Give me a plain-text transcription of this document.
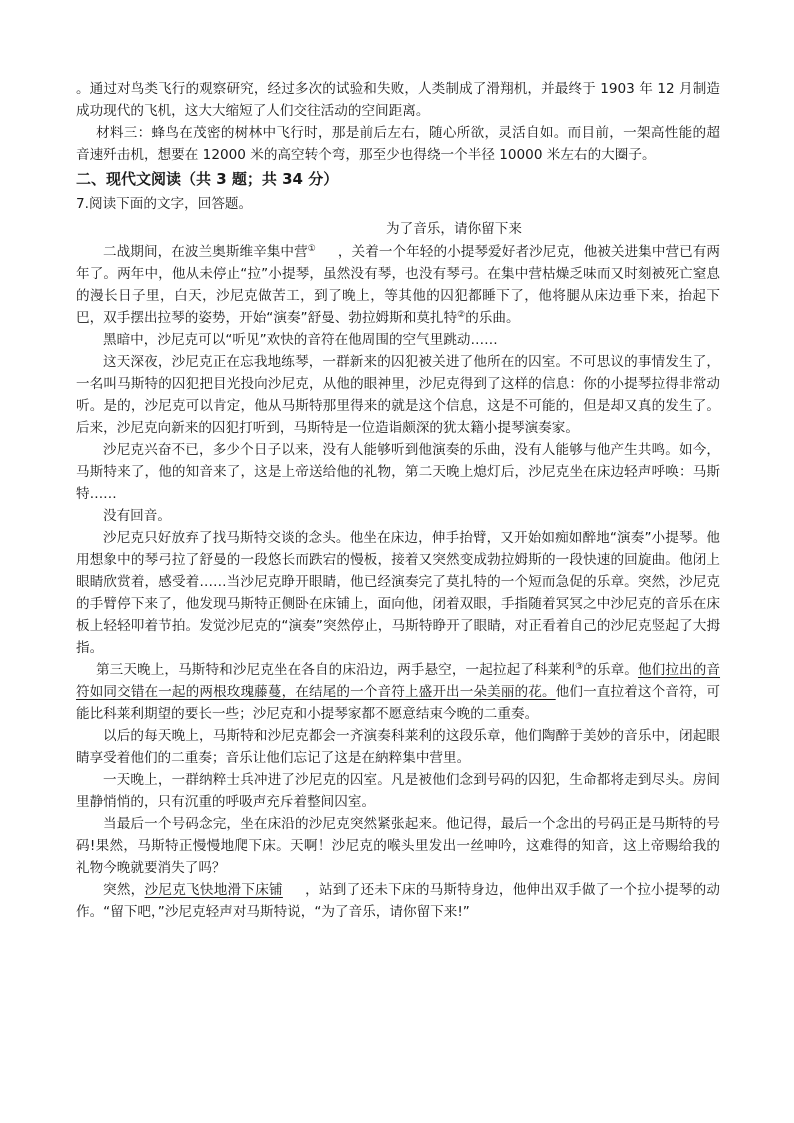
。通过对鸟类飞行的观察研究，经过多次的试验和失败，人类制成了滑翔机，并最终于 1903 年 12 月制造成功现代的飞机，这大大缩短了人们交往活动的空间距离。

材料三：蜂鸟在茂密的树林中飞行时，那是前后左右，随心所欲，灵活自如。而目前，一架高性能的超音速歼击机，想要在 12000 米的高空转个弯，那至少也得绕一个半径 10000 米左右的大圈子。

二、现代文阅读（共 3 题；共 34 分）

7.阅读下面的文字，回答题。

为了音乐，请你留下来

二战期间，在波兰奥斯维辛集中营① ，关着一个年轻的小提琴爱好者沙尼克，他被关进集中营已有两年了。两年中，他从未停止“拉”小提琴，虽然没有琴，也没有琴弓。在集中营枯燥乏味而又时刻被死亡窒息的漫长日子里，白天，沙尼克做苦工，到了晚上，等其他的囚犯都睡下了，他将腿从床边垂下来，抬起下巴，双手摆出拉琴的姿势，开始“演奏”舒曼、勃拉姆斯和莫扎特②的乐曲。

黑暗中，沙尼克可以“听见”欢快的音符在他周围的空气里跳动……

这天深夜，沙尼克正在忘我地练琴，一群新来的囚犯被关进了他所在的囚室。不可思议的事情发生了，一名叫马斯特的囚犯把目光投向沙尼克，从他的眼神里，沙尼克得到了这样的信息：你的小提琴拉得非常动听。是的，沙尼克可以肯定，他从马斯特那里得来的就是这个信息，这是不可能的，但是却又真的发生了。后来，沙尼克向新来的囚犯打听到，马斯特是一位造诣颇深的犹太籍小提琴演奏家。

沙尼克兴奋不已，多少个日子以来，没有人能够听到他演奏的乐曲，没有人能够与他产生共鸣。如今，马斯特来了，他的知音来了，这是上帝送给他的礼物，第二天晚上熄灯后，沙尼克坐在床边轻声呼唤：马斯特……

没有回音。

沙尼克只好放弃了找马斯特交谈的念头。他坐在床边，伸手抬臂，又开始如痴如醉地“演奏”小提琴。他用想象中的琴弓拉了舒曼的一段悠长而跌宕的慢板，接着又突然变成勃拉姆斯的一段快速的回旋曲。他闭上眼睛欣赏着，感受着……当沙尼克睁开眼睛，他已经演奏完了莫扎特的一个短而急促的乐章。突然，沙尼克的手臂停下来了，他发现马斯特正侧卧在床铺上，面向他，闭着双眼，手指随着冥冥之中沙尼克的音乐在床板上轻轻叩着节拍。发觉沙尼克的“演奏”突然停止，马斯特睁开了眼睛，对正看着自己的沙尼克竖起了大拇指。

第三天晚上，马斯特和沙尼克坐在各自的床沿边，两手悬空，一起拉起了科莱利③的乐章。他们拉出的音符如同交错在一起的两根玫瑰藤蔓，在结尾的一个音符上盛开出一朵美丽的花。他们一直拉着这个音符，可能比科莱利期望的要长一些；沙尼克和小提琴家都不愿意结束今晚的二重奏。

以后的每天晚上，马斯特和沙尼克都会一齐演奏科莱利的这段乐章，他们陶醉于美妙的音乐中，闭起眼睛享受着他们的二重奏；音乐让他们忘记了这是在納粹集中营里。

一天晚上，一群纳粹士兵冲进了沙尼克的囚室。凡是被他们念到号码的囚犯，生命都将走到尽头。房间里静悄悄的，只有沉重的呼吸声充斥着整间囚室。

当最后一个号码念完，坐在床沿的沙尼克突然紧张起来。他记得，最后一个念出的号码正是马斯特的号码!果然，马斯特正慢慢地爬下床。天啊！沙尼克的喉头里发出一丝呻吟，这难得的知音，这上帝赐给我的礼物今晚就要消失了吗？

突然，沙尼克飞快地滑下床铺 ，站到了还未下床的马斯特身边，他伸出双手做了一个拉小提琴的动作。“留下吧，”沙尼克轻声对马斯特说，“为了音乐，请你留下来!”
